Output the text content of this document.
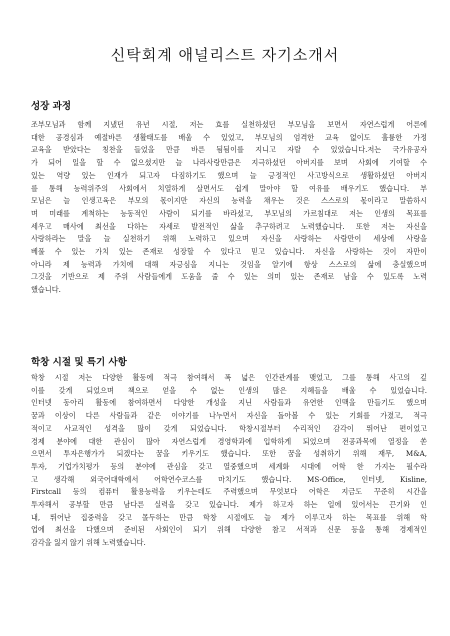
신탁회계 애널리스트 자기소개서
성장 과정
조부모님과 함께 지냈던 유년 시절, 저는 효를 실천하셨던 부모님을 보면서 자연스럽게 어른에
대한 공경심과 예절바른 생활태도를 배울 수 있었고, 부모님의 엄격한 교육 없이도 훌륭한 가정
교육을 받았다는 칭찬을 들었을 만큼 바른 됨됨이를 지니고 자랄 수 있었습니다.저는 국가유공자
가 되어 일을 할 수 없으셨지만 늘 나라사랑만큼은 지극하셨던 아버지를 보며 사회에 기여할 수
있는 역량 있는 인재가 되고자 다짐하기도 했으며 늘 긍정적인 사고방식으로 생활하셨던 아버지
를 통해 능력위주의 사회에서 치열하게 살면서도 쉽게 말아야 할 여유를 배우기도 했습니다. 부
모님은 늘 인생고육은 부모의 몫이지만 자신의 능력을 채우는 것은 스스로의 몫이라고 말씀하시
며 미래를 계척하는 능동적인 사람이 되기를 바라셨고, 부모님의 가르침대로 저는 인생의 목표를
세우고 매사에 최선을 다하는 자세로 발전적인 삶을 추구하려고 노력했습니다. 또한 저는 자신을
사랑하라는 말을 늘 실천하기 위해 노력하고 있으며 자신을 사랑하는 사람만이 세상에 사랑을
베풀 수 있는 가치 있는 존재로 성장할 수 있다고 믿고 있습니다. 자신을 사랑하는 것이 자만이
아니라 제 능력과 가치에 대해 자긍심을 지니는 것임을 알기에 항상 스스로의 삶에 충실했으며
그것을 기반으로 제 주위 사람들에게 도움을 줄 수 있는 의미 있는 존재로 남을 수 있도록 노력
했습니다.
학창 시절 및 특기 사항
학창 시절 저는 다양한 활동에 적극 참여해서 폭 넓은 인간관계를 맺었고, 그를 통해 사고의 깊
이를 갖게 되었으며 책으로 얻을 수 없는 인생의 많은 지혜들을 배울 수 있었습니다.
인터넷 동아리 활동에 참여하면서 다양한 개성을 지닌 사람들과 유연한 인맥을 만들기도 했으며
꿈과 이상이 다른 사람들과 같은 이야기를 나누면서 자신을 돌아볼 수 있는 기회를 가졌고, 적극
적이고 사교적인 성격을 많이 갖게 되었습니다. 학창시절부터 수리적인 감각이 뛰어난 편이었고
경제 분야에 대한 관심이 많아 자연스럽게 경영학과에 입학하게 되었으며 전공과목에 열정을 쏟
으면서 투자은행가가 되겠다는 꿈을 키우기도 했습니다. 또한 꿈을 성취하기 위해 재무, M&A,
투자, 기업가치평가 등의 분야에 관심을 갖고 열중했으며 세계화 시대에 어학 한 가지는 필수라
고 생각해 외국어대학에서 어학연수코스를 마치기도 했습니다. MS-Office, 인터넷, Kisline,
Firstcall 등의 컴퓨터 활용능력을 키우는데도 주력했으며 무엇보다 어학은 지금도 꾸준히 시간을
투자해서 공부할 만큼 남다른 실력을 갖고 있습니다. 제가 하고자 하는 일에 있어서는 끈기와 인
내, 뛰어난 집중력을 갖고 몰두하는 만큼 학창 시절에도 늘 제가 이루고자 하는 목표를 위해 학
업에 최선을 다했으며 준비된 사회인이 되기 위해 다양한 참고 서적과 신문 등을 통해 경제적인
감각을 잃지 않기 위해 노력했습니다.
